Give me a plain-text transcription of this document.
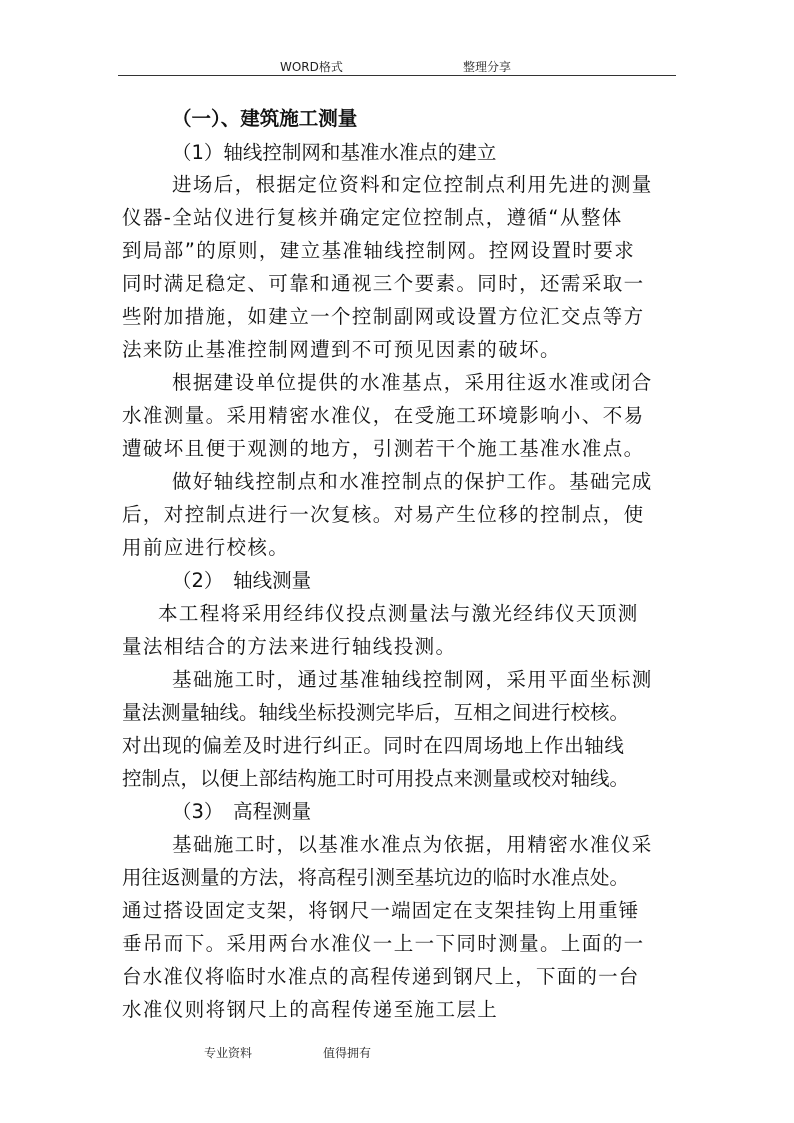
WORD格式	整理分享
（一）、建筑施工测量
（1）轴线控制网和基准水准点的建立
进场后，根据定位资料和定位控制点利用先进的测量
仪器-全站仪进行复核并确定定位控制点，遵循“从整体
到局部”的原则，建立基准轴线控制网。控网设置时要求
同时满足稳定、可靠和通视三个要素。同时，还需采取一
些附加措施，如建立一个控制副网或设置方位汇交点等方
法来防止基准控制网遭到不可预见因素的破坏。
根据建设单位提供的水准基点，采用往返水准或闭合
水准测量。采用精密水准仪，在受施工环境影响小、不易
遭破坏且便于观测的地方，引测若干个施工基准水准点。
做好轴线控制点和水准控制点的保护工作。基础完成
后，对控制点进行一次复核。对易产生位移的控制点，使
用前应进行校核。
（2）　轴线测量
本工程将采用经纬仪投点测量法与激光经纬仪天顶测
量法相结合的方法来进行轴线投测。
基础施工时，通过基准轴线控制网，采用平面坐标测
量法测量轴线。轴线坐标投测完毕后，互相之间进行校核。
对出现的偏差及时进行纠正。同时在四周场地上作出轴线
控制点，以便上部结构施工时可用投点来测量或校对轴线。
（3）　高程测量
基础施工时，以基准水准点为依据，用精密水准仪采
用往返测量的方法，将高程引测至基坑边的临时水准点处。
通过搭设固定支架，将钢尺一端固定在支架挂钩上用重锤
垂吊而下。采用两台水准仪一上一下同时测量。上面的一
台水准仪将临时水准点的高程传递到钢尺上，下面的一台
水准仪则将钢尺上的高程传递至施工层上
专业资料	值得拥有
